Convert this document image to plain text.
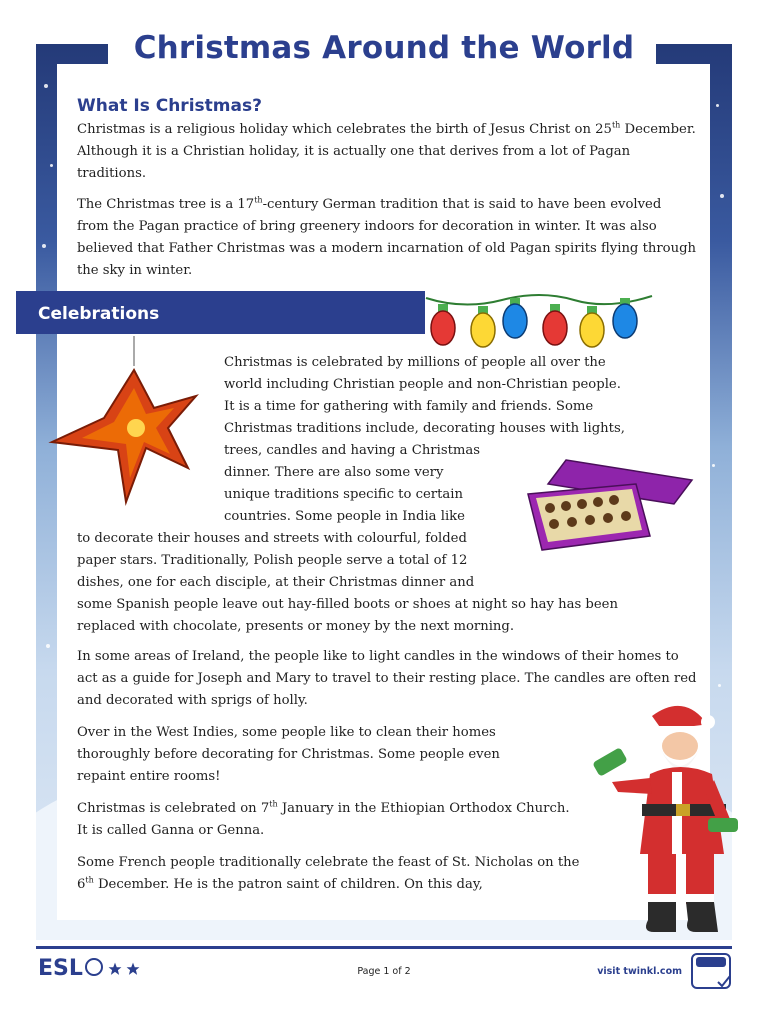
Christmas Around the World
What Is Christmas?

Christmas is a religious holiday which celebrates the birth of Jesus Christ on 25th December. Although it is a Christian holiday, it is actually one that derives from a lot of Pagan traditions.

The Christmas tree is a 17th-century German tradition that is said to have been evolved from the Pagan practice of bring greenery indoors for decoration in winter. It was also believed that Father Christmas was a modern incarnation of old Pagan spirits flying through the sky in winter.

Celebrations
Christmas is celebrated by millions of people all over the
world including Christian people and non-Christian people.
It is a time for gathering with family and friends. Some
Christmas traditions include, decorating houses with lights,
trees, candles and having a Christmas
dinner. There are also some very
unique traditions specific to certain
countries. Some people in India like
to decorate their houses and streets with colourful, folded
paper stars. Traditionally, Polish people serve a total of 12
dishes, one for each disciple, at their Christmas dinner and
some Spanish people leave out hay-filled boots or shoes at night so hay has been
replaced with chocolate, presents or money by the next morning.

In some areas of Ireland, the people like to light candles in the windows of their homes to act as a guide for Joseph and Mary to travel to their resting place. The candles are often red and decorated with sprigs of holly.

Over in the West Indies, some people like to clean their homes thoroughly before decorating for Christmas. Some people even repaint entire rooms!

Christmas is celebrated on 7th January in the Ethiopian Orthodox Church. It is called Ganna or Genna.

Some French people traditionally celebrate the feast of St. Nicholas on the 6th December. He is the patron saint of children. On this day,

ESL	Page 1 of 2	visit twinkl.com
